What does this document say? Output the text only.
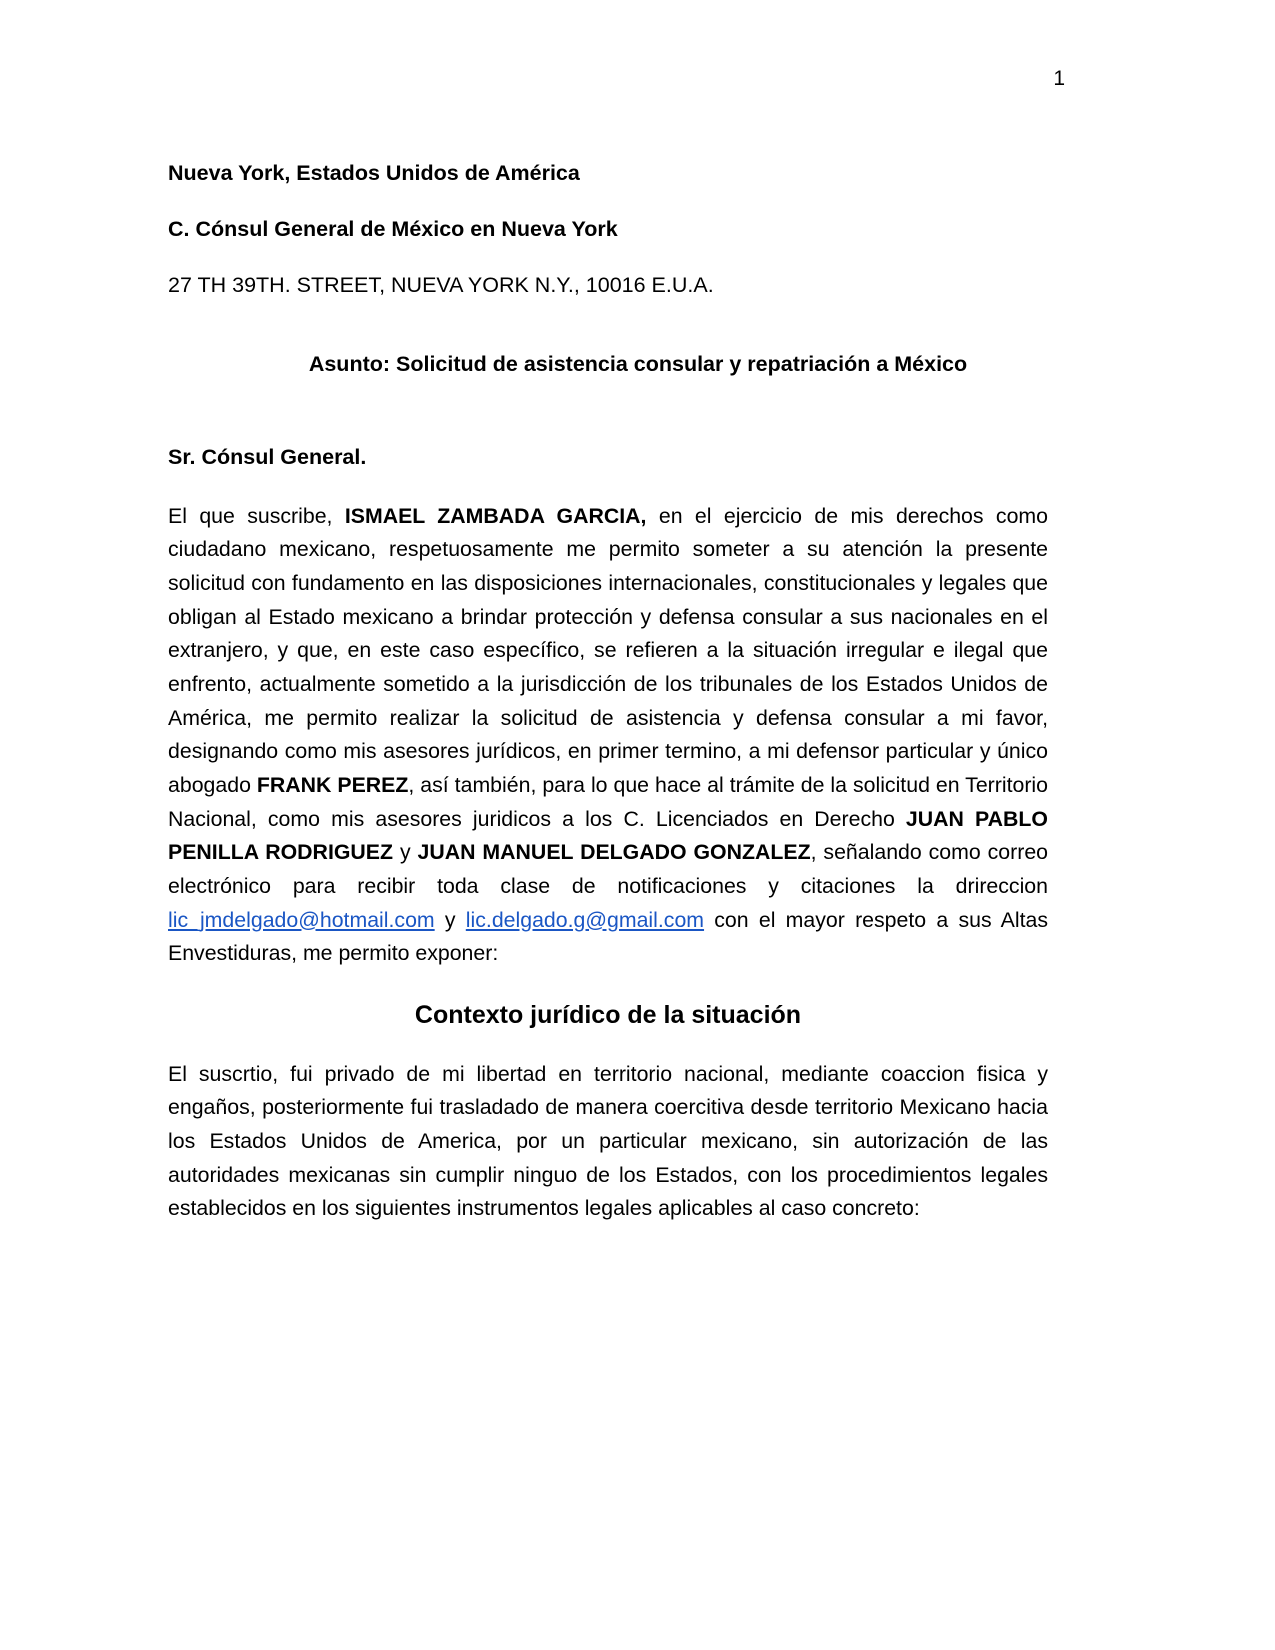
1
Nueva York, Estados Unidos de América
C. Cónsul General de México en Nueva York
27 TH 39TH. STREET, NUEVA YORK N.Y., 10016 E.U.A.
Asunto: Solicitud de asistencia consular y repatriación a México
Sr. Cónsul General.

El que suscribe, ISMAEL ZAMBADA GARCIA, en el ejercicio de mis derechos como ciudadano mexicano, respetuosamente me permito someter a su atención la presente solicitud con fundamento en las disposiciones internacionales, constitucionales y legales que obligan al Estado mexicano a brindar protección y defensa consular a sus nacionales en el extranjero, y que, en este caso específico, se refieren a la situación irregular e ilegal que enfrento, actualmente sometido a la jurisdicción de los tribunales de los Estados Unidos de América, me permito realizar la solicitud de asistencia y defensa consular a mi favor, designando como mis asesores jurídicos, en primer termino, a mi defensor particular y único abogado FRANK PEREZ, así también, para lo que hace al trámite de la solicitud en Territorio Nacional, como mis asesores juridicos a los C. Licenciados en Derecho JUAN PABLO PENILLA RODRIGUEZ y JUAN MANUEL DELGADO GONZALEZ, señalando como correo electrónico para recibir toda clase de notificaciones y citaciones la drireccion lic_jmdelgado@hotmail.com y lic.delgado.g@gmail.com con el mayor respeto a sus Altas Envestiduras, me permito exponer:

Contexto jurídico de la situación

El suscrtio, fui privado de mi libertad en territorio nacional, mediante coaccion fisica y engaños, posteriormente fui trasladado de manera coercitiva desde territorio Mexicano hacia los Estados Unidos de America, por un particular mexicano, sin autorización de las autoridades mexicanas sin cumplir ninguo de los Estados, con los procedimientos legales establecidos en los siguientes instrumentos legales aplicables al caso concreto:
